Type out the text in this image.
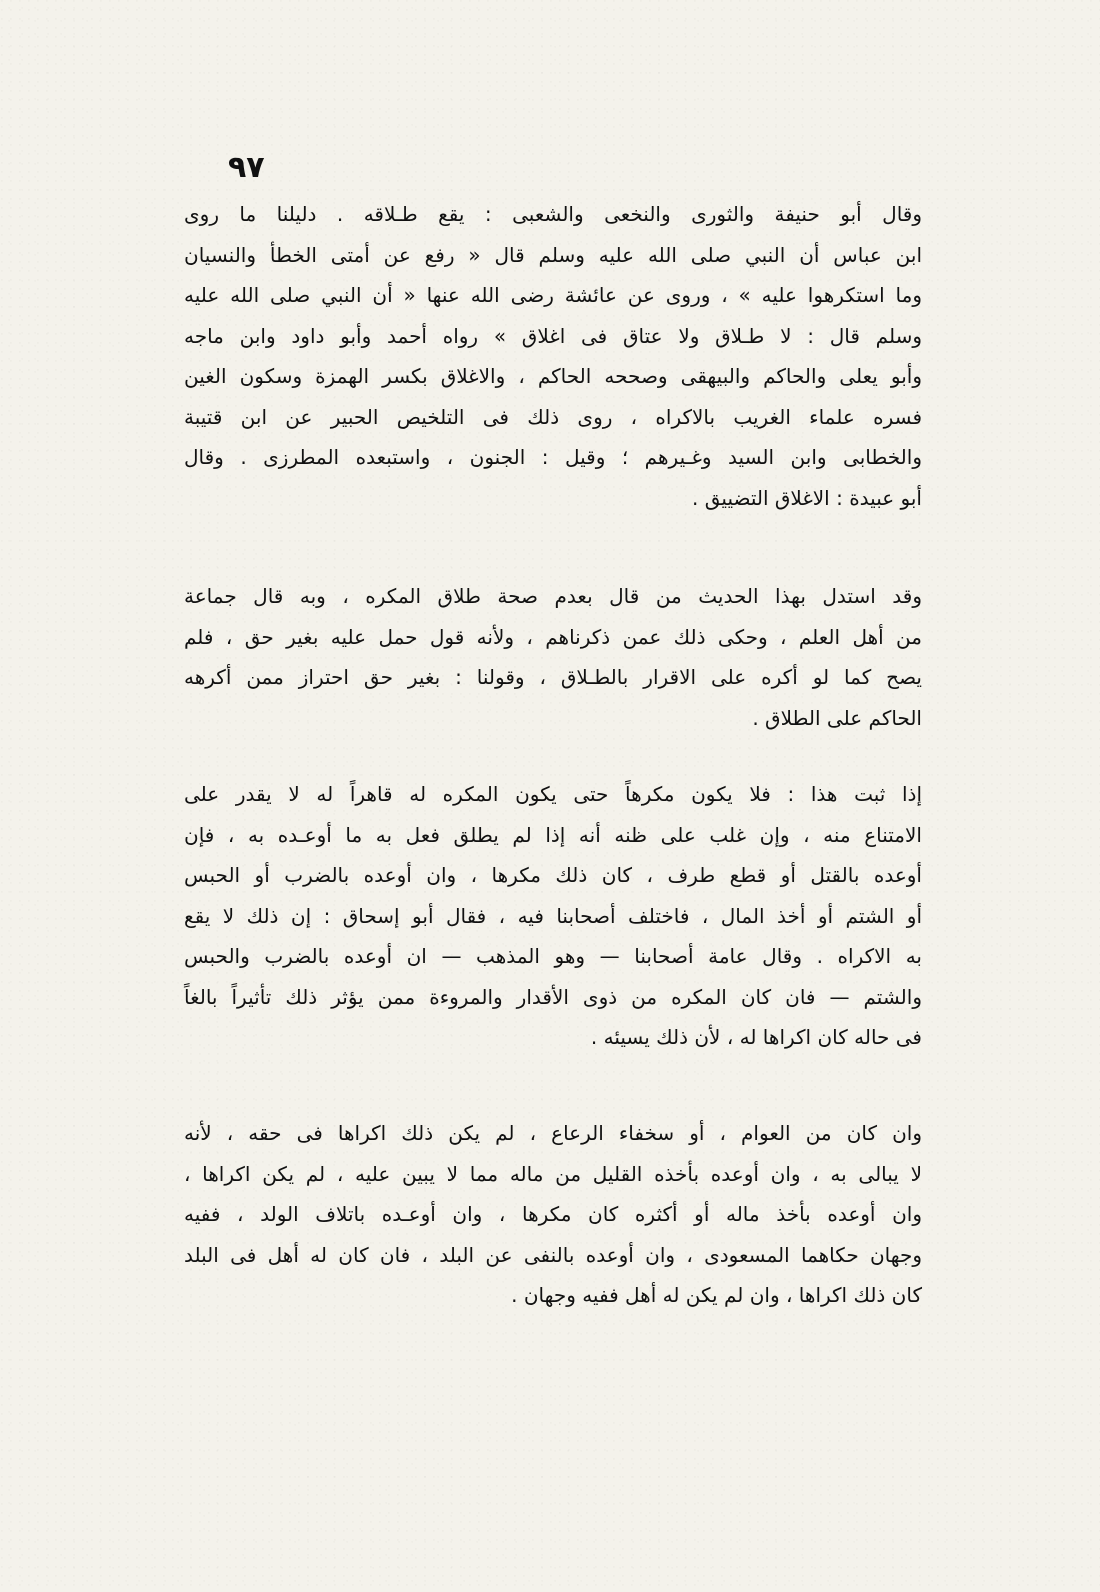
٩٧
وقال أبو حنيفة والثورى والنخعى والشعبى : يقع طـلاقه . دليلنا ما روى
ابن عباس أن النبي صلى الله عليه وسلم قال « رفع عن أمتى الخطأ والنسيان
وما استكرهوا عليه » ، وروى عن عائشة رضى الله عنها « أن النبي صلى الله عليه
وسلم قال : لا طـلاق ولا عتاق فى اغلاق » رواه أحمد وأبو داود وابن ماجه
وأبو يعلى والحاكم والبيهقى وصححه الحاكم ، والاغلاق بكسر الهمزة وسكون الغين
فسره علماء الغريب بالاكراه ، روى ذلك فى التلخيص الحبير عن ابن قتيبة
والخطابى وابن السيد وغـيرهم ؛ وقيل : الجنون ، واستبعده المطرزى . وقال
أبو عبيدة : الاغلاق التضييق .
وقد استدل بهذا الحديث من قال بعدم صحة طلاق المكره ، وبه قال جماعة
من أهل العلم ، وحكى ذلك عمن ذكرناهم ، ولأنه قول حمل عليه بغير حق ، فلم
يصح كما لو أكره على الاقرار بالطـلاق ، وقولنا : بغير حق احتراز ممن أكرهه
الحاكم على الطلاق .
إذا ثبت هذا : فلا يكون مكرهاً حتى يكون المكره له قاهراً له لا يقدر على
الامتناع منه ، وإن غلب على ظنه أنه إذا لم يطلق فعل به ما أوعـده به ، فإن
أوعده بالقتل أو قطع طرف ، كان ذلك مكرها ، وان أوعده بالضرب أو الحبس
أو الشتم أو أخذ المال ، فاختلف أصحابنا فيه ، فقال أبو إسحاق : إن ذلك لا يقع
به الاكراه . وقال عامة أصحابنا — وهو المذهب — ان أوعده بالضرب والحبس
والشتم — فان كان المكره من ذوى الأقدار والمروءة ممن يؤثر ذلك تأثيراً بالغاً
فى حاله كان اكراها له ، لأن ذلك يسيئه .
وان كان من العوام ، أو سخفاء الرعاع ، لم يكن ذلك اكراها فى حقه ، لأنه
لا يبالى به ، وان أوعده بأخذه القليل من ماله مما لا يبين عليه ، لم يكن اكراها ،
وان أوعده بأخذ ماله أو أكثره كان مكرها ، وان أوعـده باتلاف الولد ، ففيه
وجهان حكاهما المسعودى ، وان أوعده بالنفى عن البلد ، فان كان له أهل فى البلد
كان ذلك اكراها ، وان لم يكن له أهل ففيه وجهان .
